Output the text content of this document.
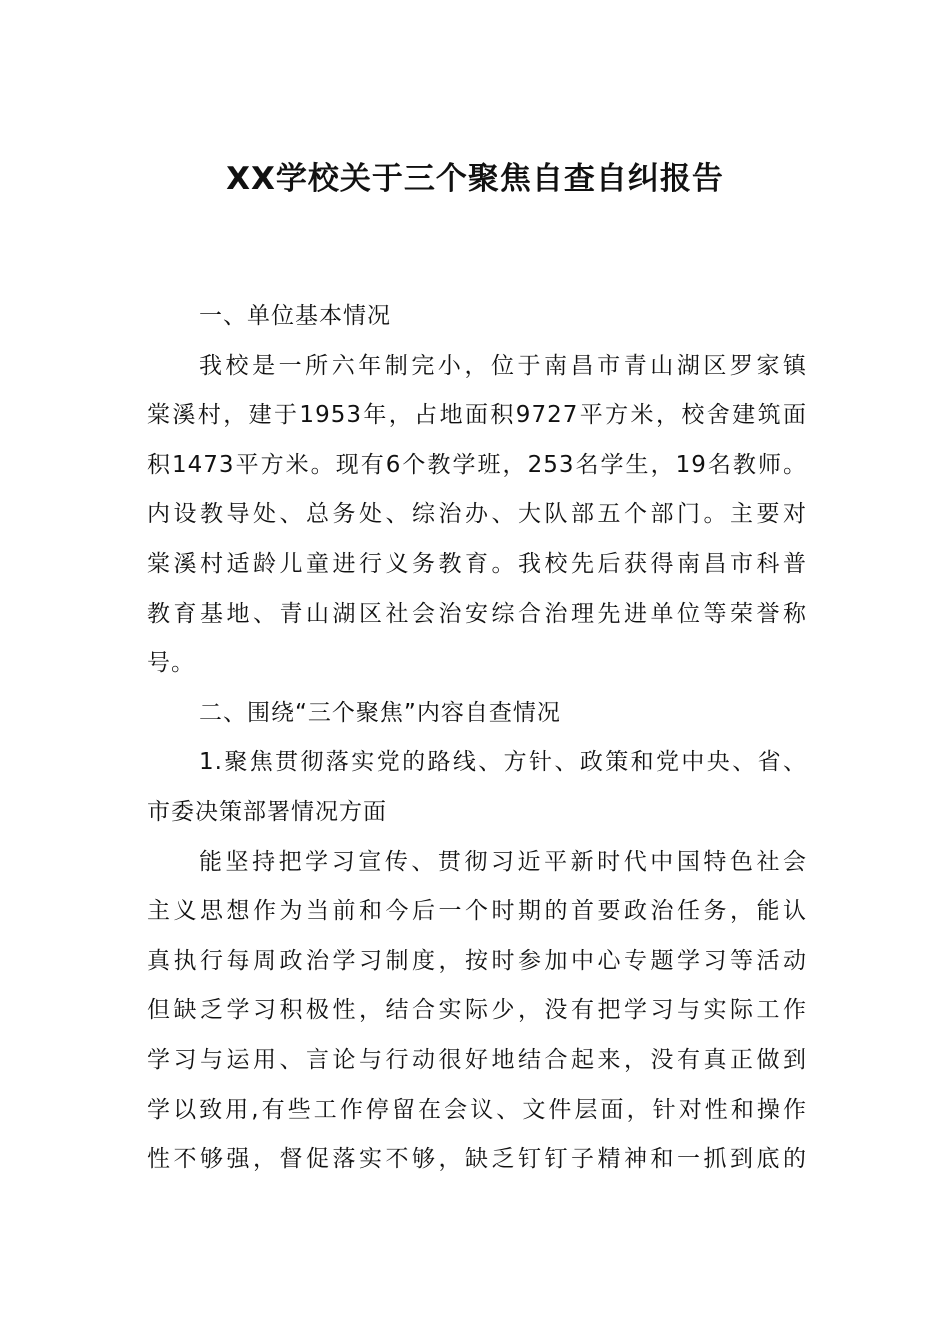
XX学校关于三个聚焦自查自纠报告
一、单位基本情况
我校是一所六年制完小，位于南昌市青山湖区罗家镇
棠溪村，建于1953年，占地面积9727平方米，校舍建筑面
积1473平方米。现有6个教学班，253名学生，19名教师。
内设教导处、总务处、综治办、大队部五个部门。主要对
棠溪村适龄儿童进行义务教育。我校先后获得南昌市科普
教育基地、青山湖区社会治安综合治理先进单位等荣誉称
号。
二、围绕“三个聚焦”内容自查情况
1.聚焦贯彻落实党的路线、方针、政策和党中央、省、
市委决策部署情况方面
能坚持把学习宣传、贯彻习近平新时代中国特色社会
主义思想作为当前和今后一个时期的首要政治任务，能认
真执行每周政治学习制度，按时参加中心专题学习等活动
但缺乏学习积极性，结合实际少，没有把学习与实际工作
学习与运用、言论与行动很好地结合起来，没有真正做到
学以致用,有些工作停留在会议、文件层面，针对性和操作
性不够强，督促落实不够，缺乏钉钉子精神和一抓到底的
